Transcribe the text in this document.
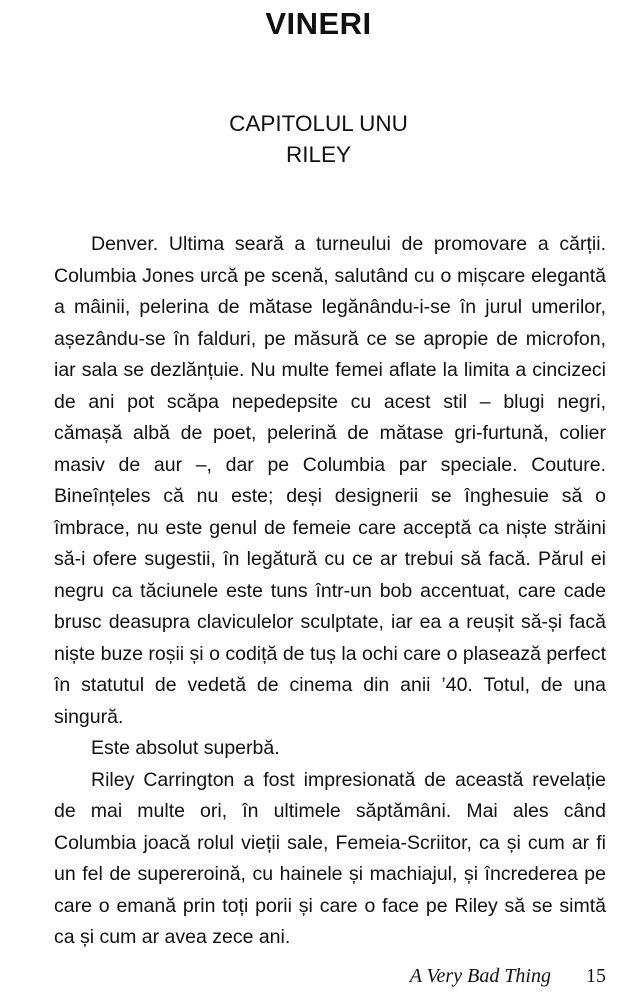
VINERI
CAPITOLUL UNU
RILEY

Denver. Ultima seară a turneului de promovare a cărții. Columbia Jones urcă pe scenă, salutând cu o mișcare elegantă a mâinii, pelerina de mătase legănându-i-se în jurul umerilor, așezându-se în falduri, pe măsură ce se apropie de microfon, iar sala se dezlănțuie. Nu multe femei aflate la limita a cincizeci de ani pot scăpa nepedepsite cu acest stil – blugi negri, cămașă albă de poet, pelerină de mătase gri-furtună, colier masiv de aur –, dar pe Columbia par speciale. Couture. Bineînțeles că nu este; deși designerii se înghesuie să o îmbrace, nu este genul de femeie care acceptă ca niște străini să-i ofere sugestii, în legătură cu ce ar trebui să facă. Părul ei negru ca tăciunele este tuns într-un bob accentuat, care cade brusc deasupra claviculelor sculptate, iar ea a reușit să-și facă niște buze roșii și o codiță de tuș la ochi care o plasează perfect în statutul de vedetă de cinema din anii ’40. Totul, de una singură.

Este absolut superbă.

Riley Carrington a fost impresionată de această revelație de mai multe ori, în ultimele săptămâni. Mai ales când Columbia joacă rolul vieții sale, Femeia-Scriitor, ca și cum ar fi un fel de supereroină, cu hainele și machiajul, și încrederea pe care o emană prin toți porii și care o face pe Riley să se simtă ca și cum ar avea zece ani.

A Very Bad Thing 15
